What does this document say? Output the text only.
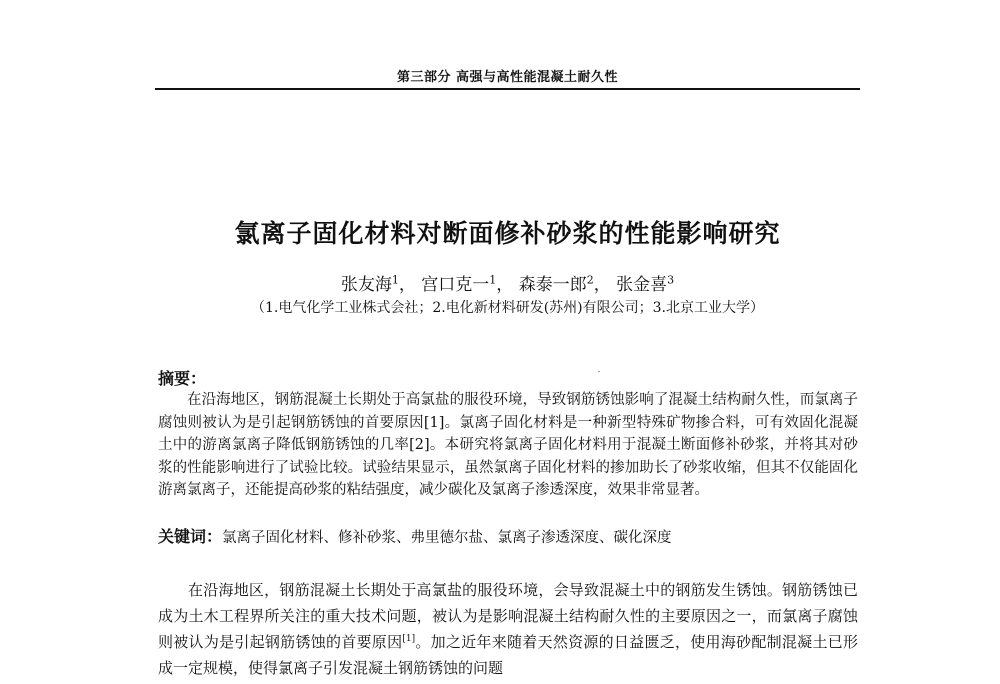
第三部分 高强与高性能混凝土耐久性
氯离子固化材料对断面修补砂浆的性能影响研究
张友海$^1$， 宫口克一$^1$， 森泰一郎$^2$， 张金喜$^3$
（1.电气化学工业株式会社；2.电化新材料研发(苏州)有限公司；3.北京工业大学）
摘要：

在沿海地区，钢筋混凝土长期处于高氯盐的服役环境，导致钢筋锈蚀影响了混凝土结构耐久性，而氯离子腐蚀则被认为是引起钢筋锈蚀的首要原因[1]。氯离子固化材料是一种新型特殊矿物掺合料，可有效固化混凝土中的游离氯离子降低钢筋锈蚀的几率[2]。本研究将氯离子固化材料用于混凝土断面修补砂浆，并将其对砂浆的性能影响进行了试验比较。试验结果显示，虽然氯离子固化材料的掺加助长了砂浆收缩，但其不仅能固化游离氯离子，还能提高砂浆的粘结强度，减少碳化及氯离子渗透深度，效果非常显著。

关键词：氯离子固化材料、修补砂浆、弗里德尔盐、氯离子渗透深度、碳化深度

在沿海地区，钢筋混凝土长期处于高氯盐的服役环境，会导致混凝土中的钢筋发生锈蚀。钢筋锈蚀已成为土木工程界所关注的重大技术问题，被认为是影响混凝土结构耐久性的主要原因之一，而氯离子腐蚀则被认为是引起钢筋锈蚀的首要原因[1]。加之近年来随着天然资源的日益匮乏，使用海砂配制混凝土已形成一定规模，使得氯离子引发混凝土钢筋锈蚀的问题
